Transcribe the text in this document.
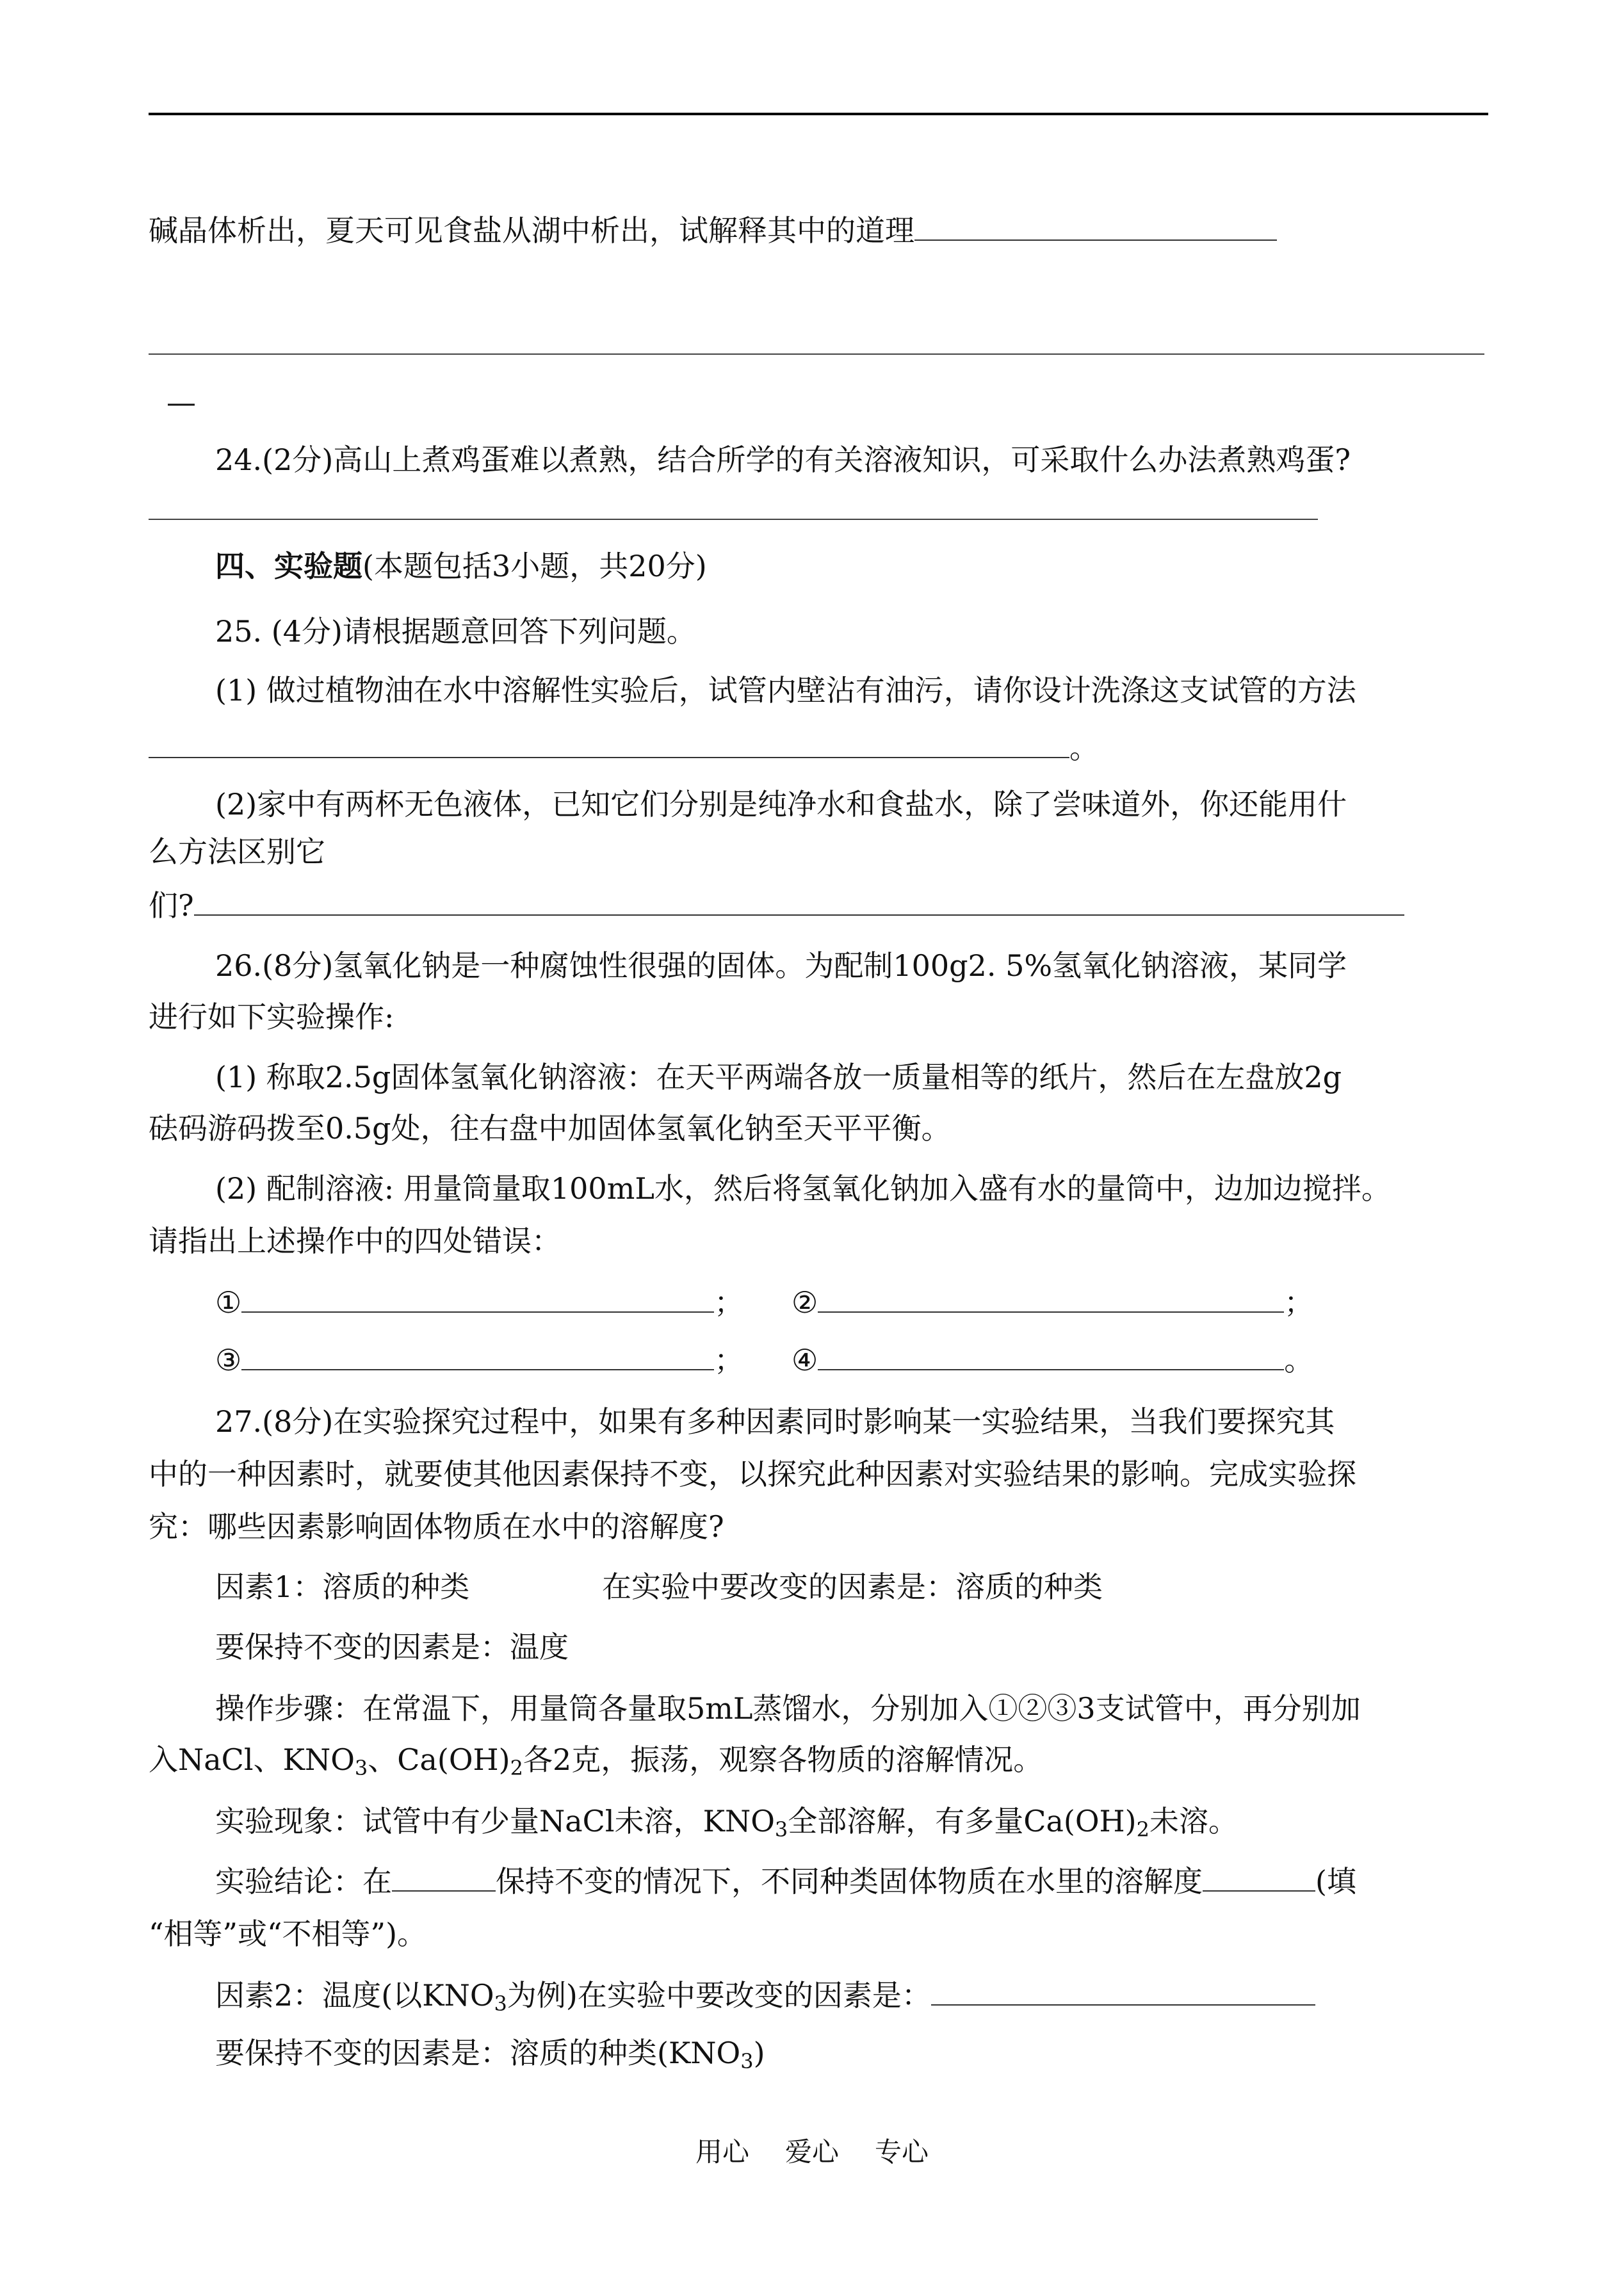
碱晶体析出，夏天可见食盐从湖中析出，试解释其中的道理
—
24.(2分)高山上煮鸡蛋难以煮熟，结合所学的有关溶液知识，可采取什么办法煮熟鸡蛋?
四、实验题(本题包括3小题，共20分)
25. (4分)请根据题意回答下列问题。
(1) 做过植物油在水中溶解性实验后，试管内壁沾有油污，请你设计洗涤这支试管的方法
。
(2)家中有两杯无色液体，已知它们分别是纯净水和食盐水，除了尝味道外，你还能用什
么方法区别它
们?
26.(8分)氢氧化钠是一种腐蚀性很强的固体。为配制100g2. 5%氢氧化钠溶液，某同学
进行如下实验操作:
(1) 称取2.5g固体氢氧化钠溶液：在天平两端各放一质量相等的纸片，然后在左盘放2g
砝码游码拨至0.5g处，往右盘中加固体氢氧化钠至天平平衡。
(2) 配制溶液: 用量筒量取100mL水，然后将氢氧化钠加入盛有水的量筒中，边加边搅拌。
请指出上述操作中的四处错误：
①	； ②	；
③	； ④	。
27.(8分)在实验探究过程中，如果有多种因素同时影响某一实验结果，当我们要探究其
中的一种因素时，就要使其他因素保持不变，以探究此种因素对实验结果的影响。完成实验探
究：哪些因素影响固体物质在水中的溶解度?
因素1：溶质的种类	在实验中要改变的因素是：溶质的种类
要保持不变的因素是：温度
操作步骤：在常温下，用量筒各量取5mL蒸馏水，分别加入①②③3支试管中，再分别加
入NaCl、$KNO_3$、$Ca(OH)_2$各2克，振荡，观察各物质的溶解情况。
实验现象：试管中有少量NaCl未溶，$KNO_3$全部溶解，有多量$Ca(OH)_2$未溶。
实验结论：在	保持不变的情况下，不同种类固体物质在水里的溶解度	(填
“相等”或“不相等”)。
因素2：温度(以$KNO_3$为例)在实验中要改变的因素是：
要保持不变的因素是：溶质的种类$(KNO_3)$
用心 爱心 专心
